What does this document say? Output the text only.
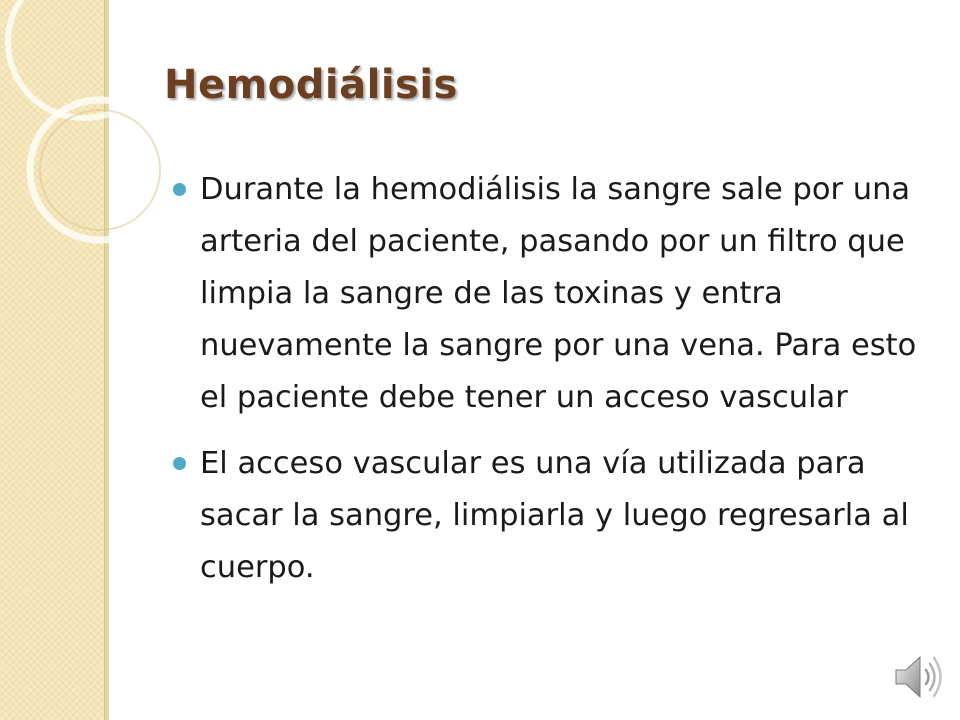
Hemodiálisis
Durante la hemodiálisis la sangre sale por una arteria del paciente, pasando por un filtro que limpia la sangre de las toxinas y entra nuevamente la sangre por una vena. Para esto el paciente debe tener un acceso vascular
El acceso vascular es una vía utilizada para sacar la sangre, limpiarla y luego regresarla al cuerpo.
